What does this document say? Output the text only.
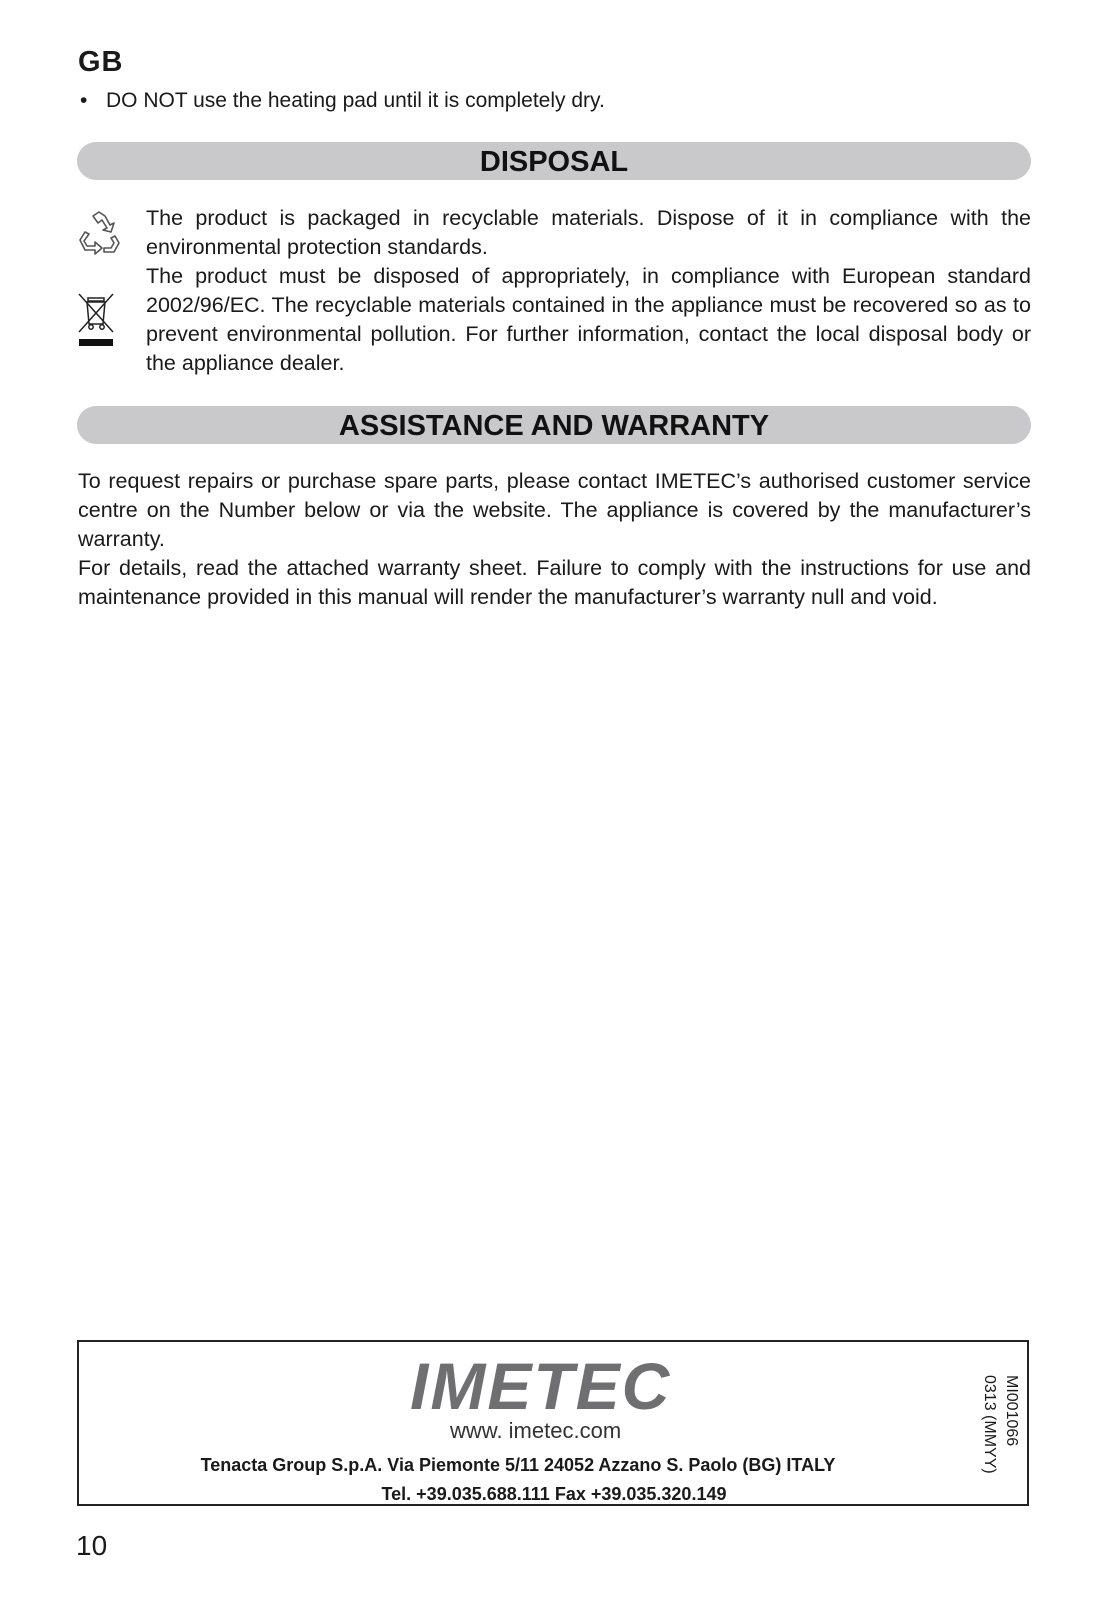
GB
• DO NOT use the heating pad until it is completely dry.
DISPOSAL

The product is packaged in recyclable materials. Dispose of it in compliance with the environmental protection standards.

The product must be disposed of appropriately, in compliance with European standard 2002/96/EC. The recyclable materials contained in the appliance must be recovered so as to prevent environmental pollution. For further information, contact the local disposal body or the appliance dealer.

ASSISTANCE AND WARRANTY

To request repairs or purchase spare parts, please contact IMETEC’s authorised customer service centre on the Number below or via the website. The appliance is covered by the manufacturer’s warranty.

For details, read the attached warranty sheet. Failure to comply with the instructions for use and maintenance provided in this manual will render the manufacturer’s warranty null and void.

IMETEC
www. imetec.com
Tenacta Group S.p.A. Via Piemonte 5/11 24052 Azzano S. Paolo (BG) ITALY
Tel. +39.035.688.111 Fax +39.035.320.149
MI001066
0313 (MMYY)
10
